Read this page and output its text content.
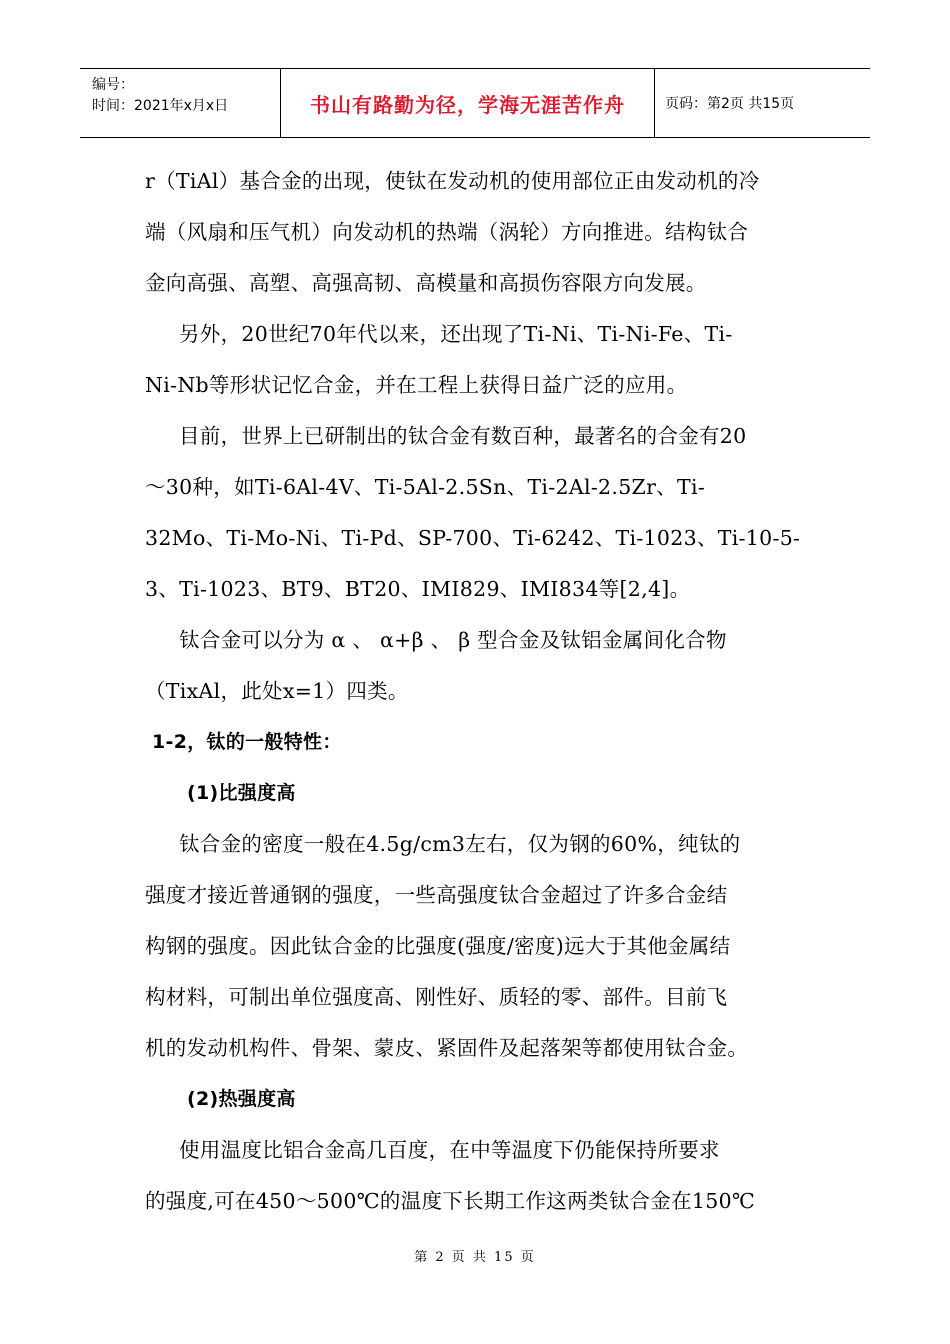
编号：
时间：2021年x月x日	书山有路勤为径，学海无涯苦作舟	页码：第2页 共15页
r（TiAl）基合金的出现，使钛在发动机的使用部位正由发动机的冷
端（风扇和压气机）向发动机的热端（涡轮）方向推进。结构钛合
金向高强、高塑、高强高韧、高模量和高损伤容限方向发展。
另外，20世纪70年代以来，还出现了Ti-Ni、Ti-Ni-Fe、Ti-
Ni-Nb等形状记忆合金，并在工程上获得日益广泛的应用。
目前，世界上已研制出的钛合金有数百种，最著名的合金有20
～30种，如Ti-6Al-4V、Ti-5Al-2.5Sn、Ti-2Al-2.5Zr、Ti-
32Mo、Ti-Mo-Ni、Ti-Pd、SP-700、Ti-6242、Ti-1023、Ti-10-5-
3、Ti-1023、BT9、BT20、IMI829、IMI834等[2,4]。
钛合金可以分为 α 、 α+β 、 β 型合金及钛铝金属间化合物
（TixAl，此处x=1）四类。
1-2，钛的一般特性：
(1)比强度高
钛合金的密度一般在4.5g/cm3左右，仅为钢的60%，纯钛的
强度才接近普通钢的强度，一些高强度钛合金超过了许多合金结
构钢的强度。因此钛合金的比强度(强度/密度)远大于其他金属结
构材料，可制出单位强度高、刚性好、质轻的零、部件。目前飞
机的发动机构件、骨架、蒙皮、紧固件及起落架等都使用钛合金。
(2)热强度高
使用温度比铝合金高几百度，在中等温度下仍能保持所要求
的强度,可在450～500℃的温度下长期工作这两类钛合金在150℃
第 2 页 共 15 页
